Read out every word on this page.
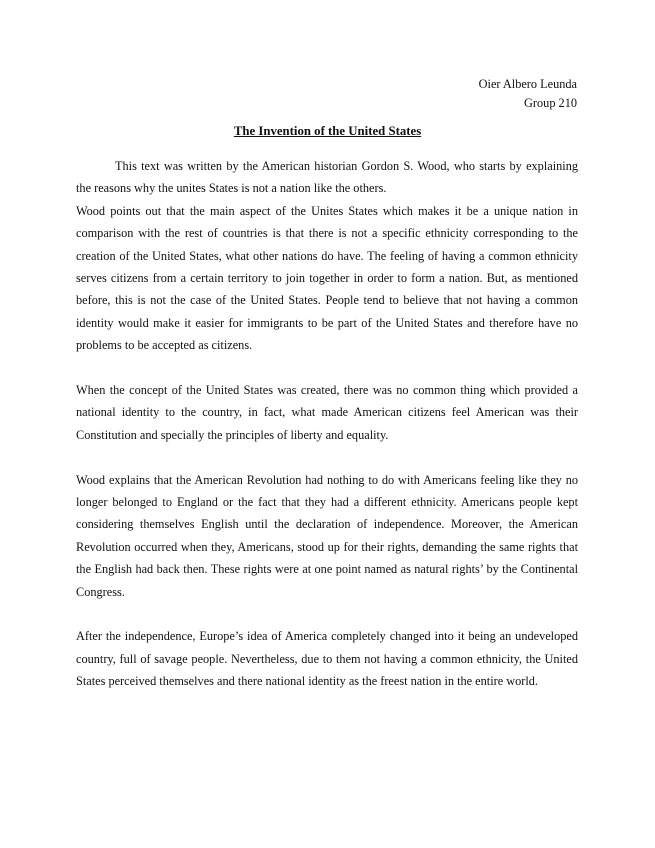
Oier Albero Leunda
Group 210
The Invention of the United States

This text was written by the American historian Gordon S. Wood, who starts by explaining the reasons why the unites States is not a nation like the others.

Wood points out that the main aspect of the Unites States which makes it be a unique nation in comparison with the rest of countries is that there is not a specific ethnicity corresponding to the creation of the United States, what other nations do have. The feeling of having a common ethnicity serves citizens from a certain territory to join together in order to form a nation. But, as mentioned before, this is not the case of the United States. People tend to believe that not having a common identity would make it easier for immigrants to be part of the United States and therefore have no problems to be accepted as citizens.

When the concept of the United States was created, there was no common thing which provided a national identity to the country, in fact, what made American citizens feel American was their Constitution and specially the principles of liberty and equality.

Wood explains that the American Revolution had nothing to do with Americans feeling like they no longer belonged to England or the fact that they had a different ethnicity. Americans people kept considering themselves English until the declaration of independence. Moreover, the American Revolution occurred when they, Americans, stood up for their rights, demanding the same rights that the English had back then. These rights were at one point named as natural rights’ by the Continental Congress.

After the independence, Europe’s idea of America completely changed into it being an undeveloped country, full of savage people. Nevertheless, due to them not having a common ethnicity, the United States perceived themselves and there national identity as the freest nation in the entire world.
